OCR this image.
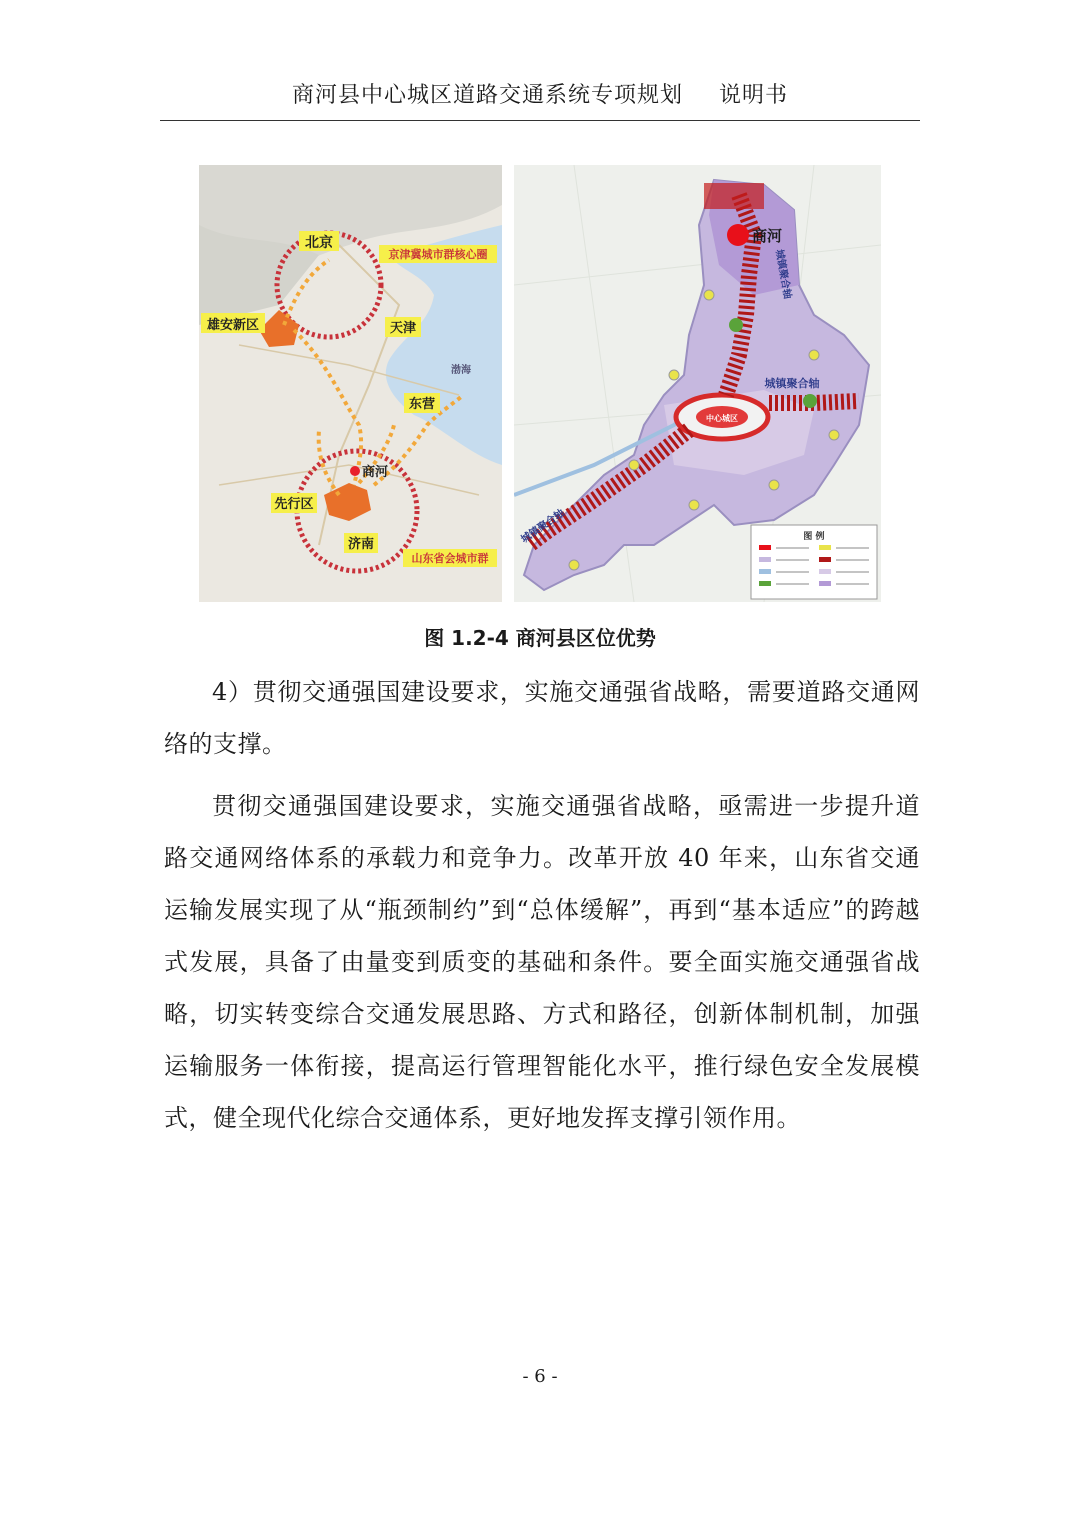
商河县中心城区道路交通系统专项规划 说明书
北京
京津冀城市群核心圈
雄安新区	天津
渤海
东营
商河
先行区
济南
山东省会城市群
商河
城镇聚合轴
城镇聚合轴
城镇聚合轴
中心城区
图 例
图 1.2-4 商河县区位优势

4）贯彻交通强国建设要求，实施交通强省战略，需要道路交通网络的支撑。

贯彻交通强国建设要求，实施交通强省战略，亟需进一步提升道路交通网络体系的承载力和竞争力。改革开放 40 年来，山东省交通运输发展实现了从“瓶颈制约”到“总体缓解”，再到“基本适应”的跨越式发展，具备了由量变到质变的基础和条件。要全面实施交通强省战略，切实转变综合交通发展思路、方式和路径，创新体制机制，加强运输服务一体衔接，提高运行管理智能化水平，推行绿色安全发展模式，健全现代化综合交通体系，更好地发挥支撑引领作用。

- 6 -
